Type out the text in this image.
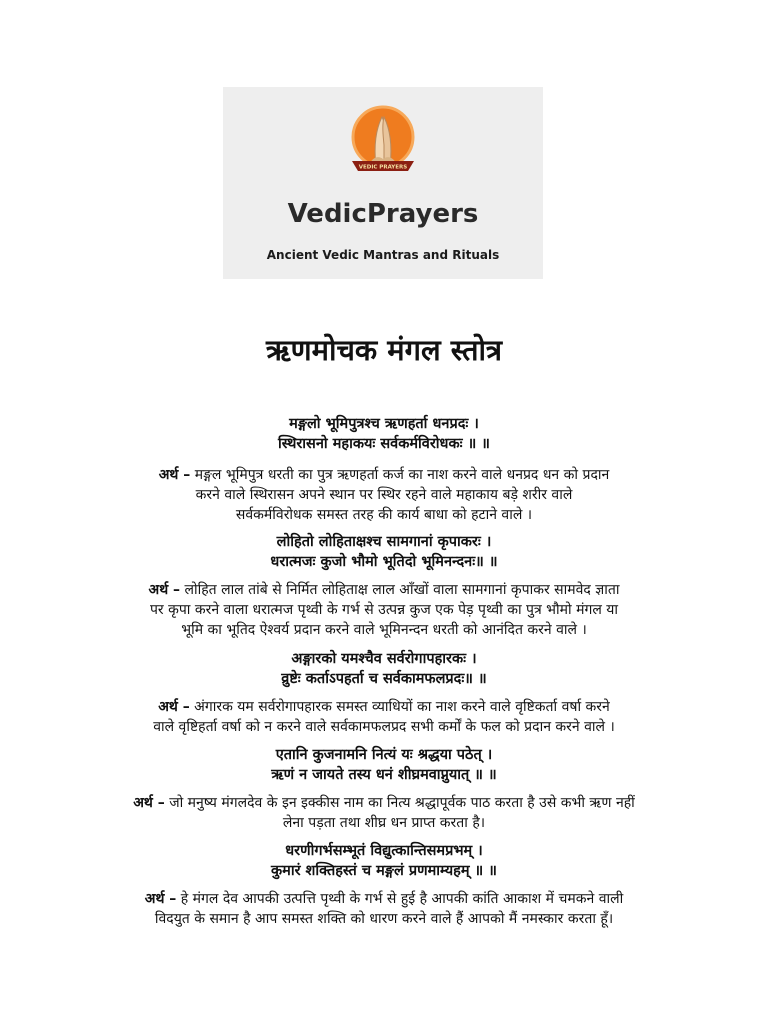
VEDIC PRAYERS
VedicPrayers
Ancient Vedic Mantras and Rituals
ऋणमोचक मंगल स्तोत्र
मङ्गलो भूमिपुत्रश्च ऋणहर्ता धनप्रदः ।
स्थिरासनो महाकयः सर्वकर्मविरोधकः ॥ ॥
अर्थ – मङ्गल भूमिपुत्र धरती का पुत्र ऋणहर्ता कर्ज का नाश करने वाले धनप्रद धन को प्रदान
करने वाले स्थिरासन अपने स्थान पर स्थिर रहने वाले महाकाय बड़े शरीर वाले
सर्वकर्मविरोधक समस्त तरह की कार्य बाधा को हटाने वाले ।
लोहितो लोहिताक्षश्च सामगानां कृपाकरः ।
धरात्मजः कुजो भौमो भूतिदो भूमिनन्दनः॥ ॥
अर्थ – लोहित लाल तांबे से निर्मित लोहिताक्ष लाल आँखों वाला सामगानां कृपाकर सामवेद ज्ञाता
पर कृपा करने वाला धरात्मज पृथ्वी के गर्भ से उत्पन्न कुज एक पेड़ पृथ्वी का पुत्र भौमो मंगल या
भूमि का भूतिद ऐश्वर्य प्रदान करने वाले भूमिनन्दन धरती को आनंदित करने वाले ।
अङ्गारको यमश्चैव सर्वरोगापहारकः ।
व्रुष्टेः कर्ताऽपहर्ता च सर्वकामफलप्रदः॥ ॥
अर्थ – अंगारक यम सर्वरोगापहारक समस्त व्याधियों का नाश करने वाले वृष्टिकर्ता वर्षा करने
वाले वृष्टिहर्ता वर्षा को न करने वाले सर्वकामफलप्रद सभी कर्मों के फल को प्रदान करने वाले ।
एतानि कुजनामनि नित्यं यः श्रद्धया पठेत् ।
ऋणं न जायते तस्य धनं शीघ्रमवाप्नुयात् ॥ ॥
अर्थ – जो मनुष्य मंगलदेव के इन इक्कीस नाम का नित्य श्रद्धापूर्वक पाठ करता है उसे कभी ऋण नहीं
लेना पड़ता तथा शीघ्र धन प्राप्त करता है।
धरणीगर्भसम्भूतं विद्युत्कान्तिसमप्रभम् ।
कुमारं शक्तिहस्तं च मङ्गलं प्रणमाम्यहम् ॥ ॥
अर्थ – हे मंगल देव आपकी उत्पत्ति पृथ्वी के गर्भ से हुई है आपकी कांति आकाश में चमकने वाली
विदयुत के समान है आप समस्त शक्ति को धारण करने वाले हैं आपको मैं नमस्कार करता हूँ।
